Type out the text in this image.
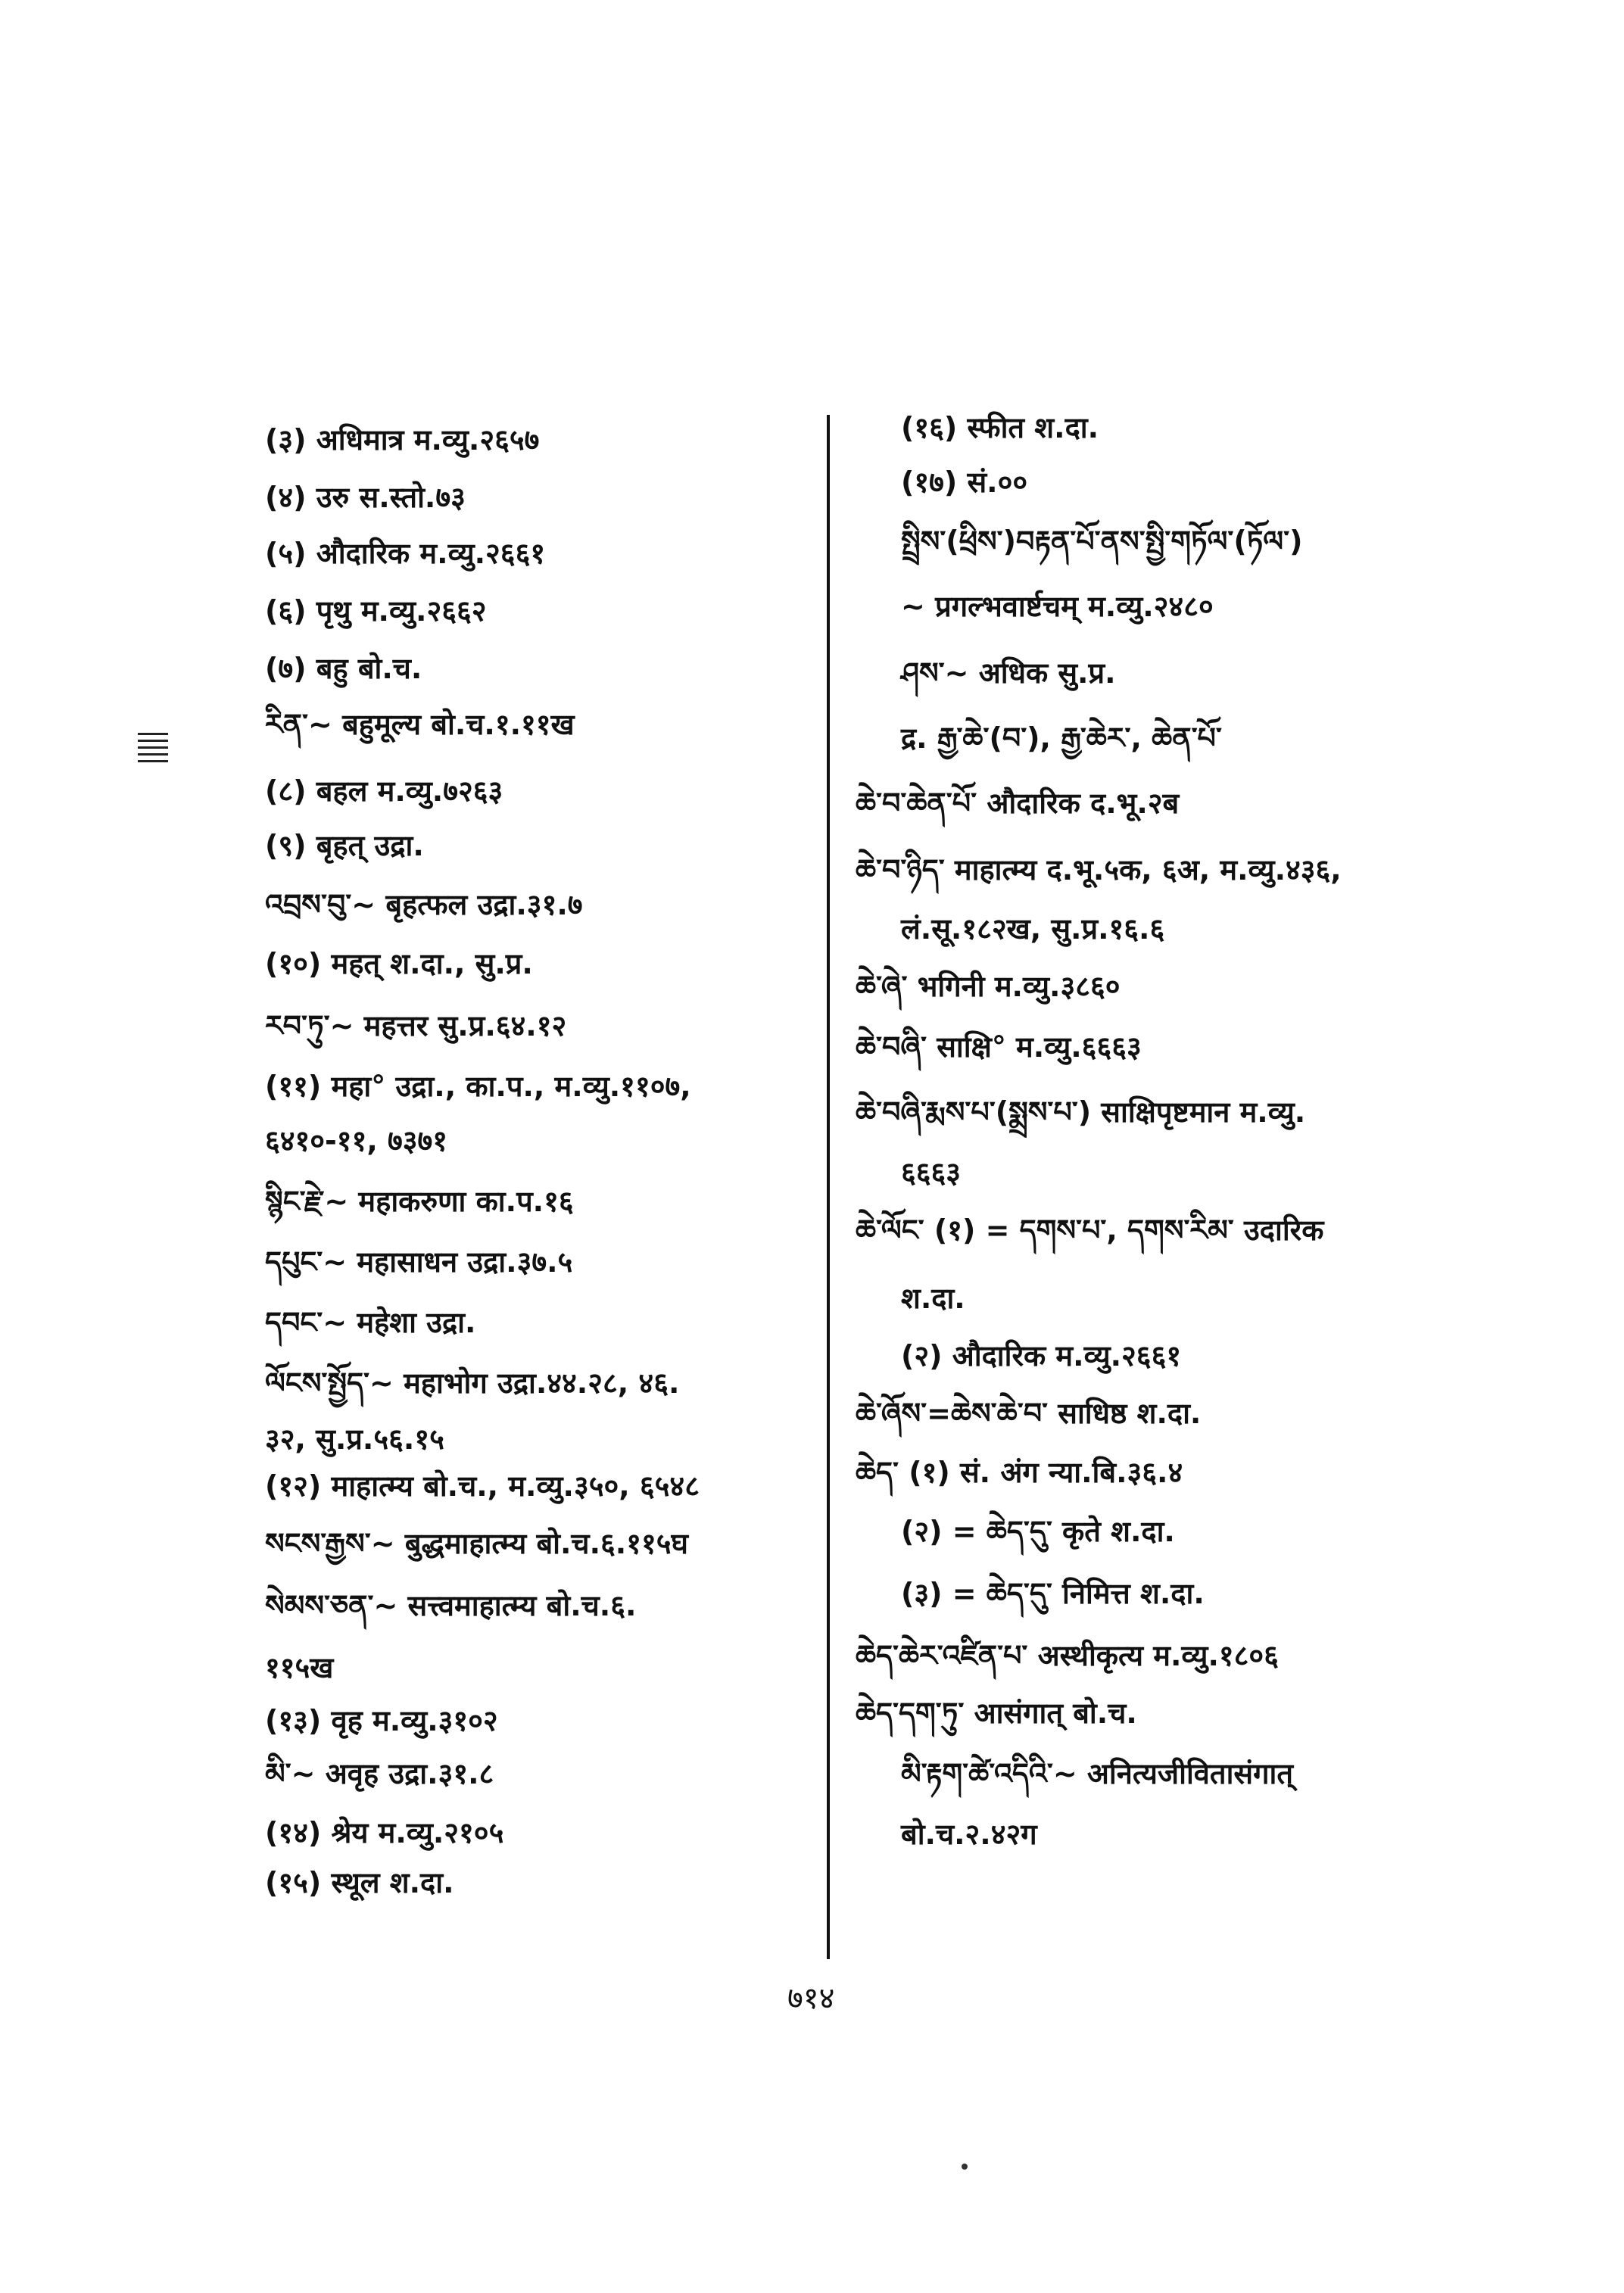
(३) अधिमात्र म.व्यु.२६५७
(४) उरु स.स्तो.७३
(५) औदारिक म.व्यु.२६६१
(६) पृथु म.व्यु.२६६२
(७) बहु बो.च.
རིན་~ बहुमूल्य बो.च.१.११ख
(८) बहल म.व्यु.७२६३
(९) बृहत् उद्रा.
འབྲས་བུ་~ बृहत्फल उद्रा.३१.७
(१०) महत् श.दा., सु.प्र.
རབ་ཏུ་~ महत्तर सु.प्र.६४.१२
(११) महा° उद्रा., का.प., म.व्यु.११०७,
६४१०-११, ७३७१
སྙིང་རྗེ་~ महाकरुणा का.प.१६
དཔུང་~ महासाधन उद्रा.३७.५
དབང་~ महेशा उद्रा.
ལོངས་སྤྱོད་~ महाभोग उद्रा.४४.२८, ४६.
३२, सु.प्र.५६.१५
(१२) माहात्म्य बो.च., म.व्यु.३५०, ६५४८
སངས་རྒྱས་~ बुद्धमाहात्म्य बो.च.६.११५घ
སེམས་ཅན་~ सत्त्वमाहात्म्य बो.च.६.
११५ख
(१३) वृह म.व्यु.३१०२
མི་~ अवृह उद्रा.३१.८
(१४) श्रेय म.व्यु.२१०५
(१५) स्थूल श.दा.
(१६) स्फीत श.दा.
(१७) सं.००
སྤྲིས་(ཕྲིས་)བརྟན་པོ་ནས་སྤྱི་གཏོལ་(ཏོལ་)
~ प्रगल्भवार्ष्टचम् म.व्यु.२४८०
ཤས་~ अधिक सु.प्र.
द्र. རྒྱ་ཆེ་(བ་), རྒྱ་ཆེར་, ཆེན་པོ་
ཆེ་བ་ཆེན་པོ་ औदारिक द.भू.२ब
ཆེ་བ་ཉིད་ माहात्म्य द.भू.५क, ६अ, म.व्यु.४३६,
लं.सू.१८२ख, सु.प्र.१६.६
ཆེ་ཞེ་ भगिनी म.व्यु.३८६०
ཆེ་བཞི་ साक्षि° म.व्यु.६६६३
ཆེ་བཞི་རྨས་པ་(སྨྲས་པ་) साक्षिपृष्टमान म.व्यु.
६६६३
ཆེ་ལོང་ (१) = དགས་པ་, དགས་རིམ་ उदारिक
श.दा.
(२) औदारिक म.व्यु.२६६१
ཆེ་ཞོས་=ཆེས་ཆེ་བ་ साधिष्ठ श.दा.
ཆེད་ (१) सं. अंग न्या.बि.३६.४
(२) = ཆེད་དུ་ कृते श.दा.
(३) = ཆེད་དུ་ निमित्त श.दा.
ཆེད་ཆེར་འཛིན་པ་ अस्थीकृत्य म.व्यु.१८०६
ཆེད་དག་ཏུ་ आसंगात् बो.च.
མི་རྟག་ཚེ་འདིའི་~ अनित्यजीवितासंगात्
बो.च.२.४२ग
७१४
